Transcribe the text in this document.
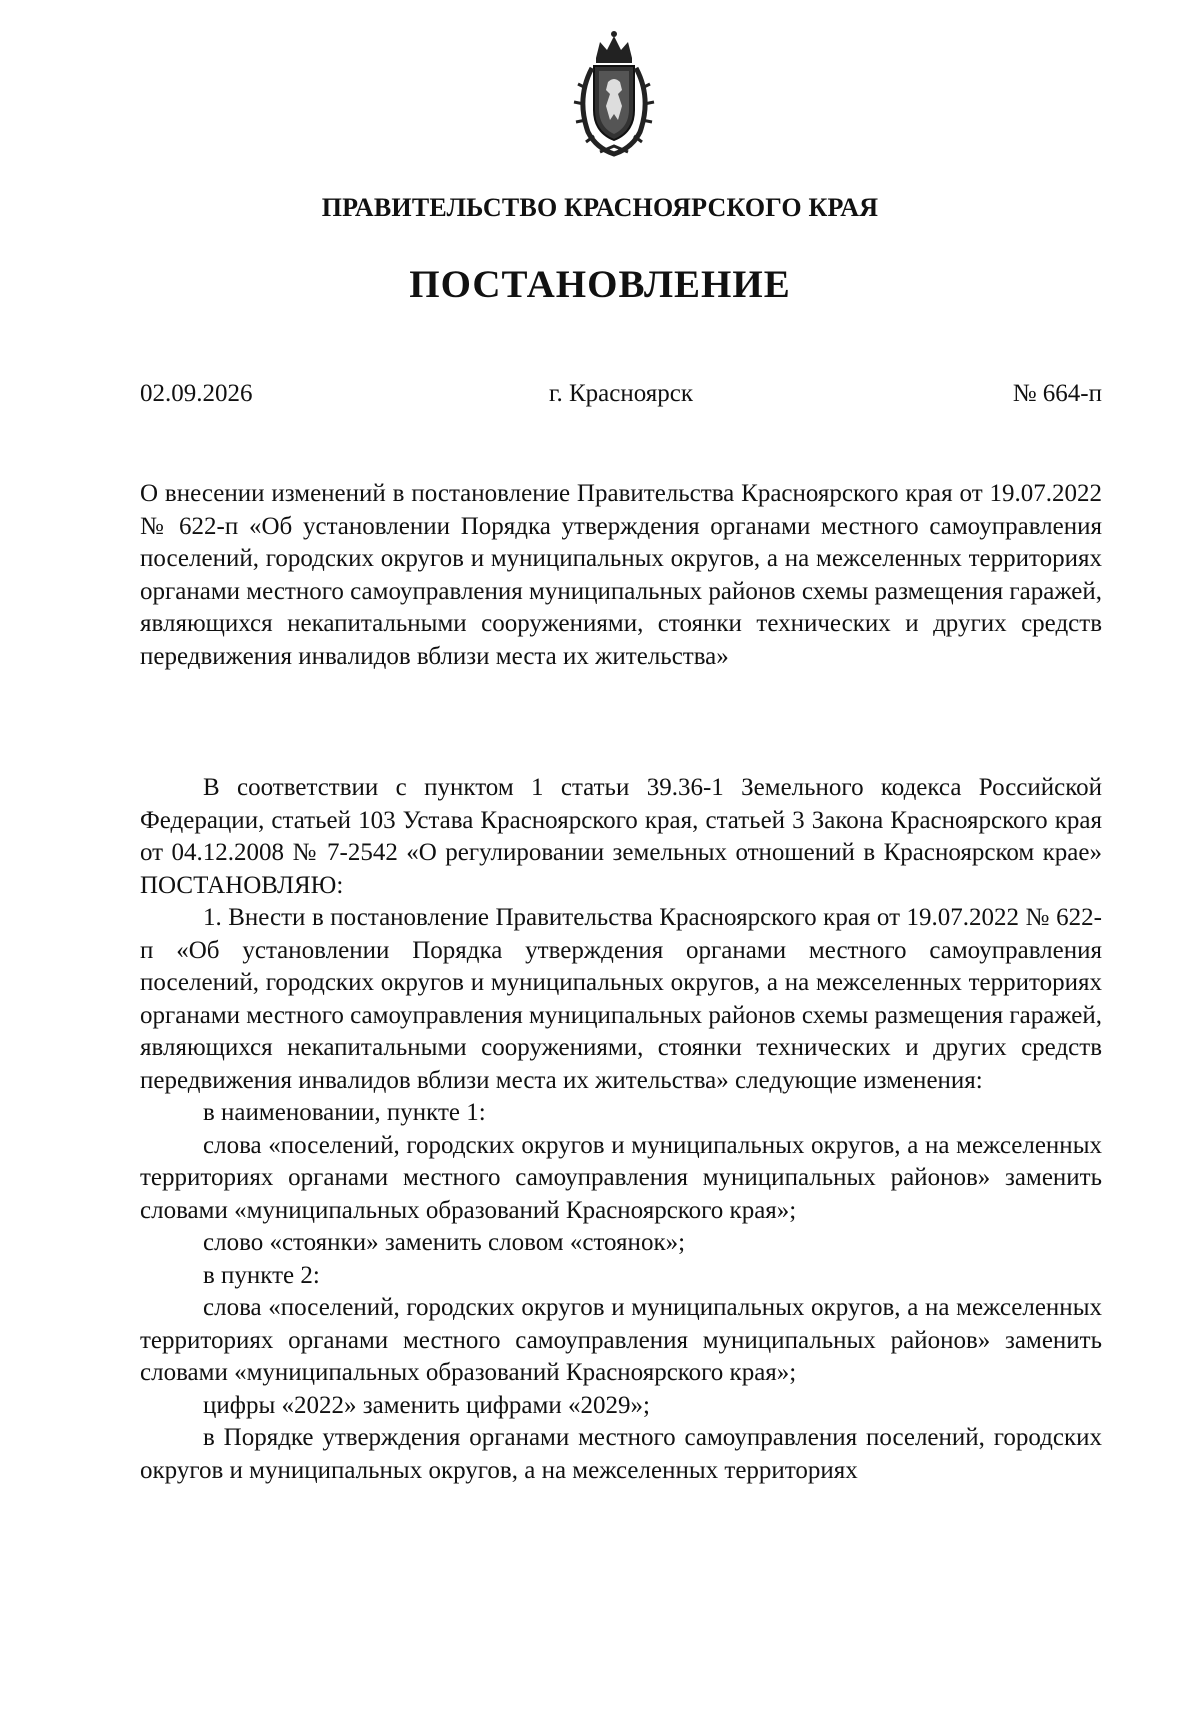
ПРАВИТЕЛЬСТВО КРАСНОЯРСКОГО КРАЯ
ПОСТАНОВЛЕНИЕ
02.09.2026	г. Красноярск	№ 664-п
О внесении изменений в постановление Правительства Красноярского края от 19.07.2022 № 622-п «Об установлении Порядка утверждения органами местного самоуправления поселений, городских округов и муниципальных округов, а на межселенных территориях органами местного самоуправления муниципальных районов схемы размещения гаражей, являющихся некапитальными сооружениями, стоянки технических и других средств передвижения инвалидов вблизи места их жительства»

В соответствии с пунктом 1 статьи 39.36-1 Земельного кодекса Российской Федерации, статьей 103 Устава Красноярского края, статьей 3 Закона Красноярского края от 04.12.2008 № 7-2542 «О регулировании земельных отношений в Красноярском крае» ПОСТАНОВЛЯЮ:

1. Внести в постановление Правительства Красноярского края от 19.07.2022 № 622-п «Об установлении Порядка утверждения органами местного самоуправления поселений, городских округов и муниципальных округов, а на межселенных территориях органами местного самоуправления муниципальных районов схемы размещения гаражей, являющихся некапитальными сооружениями, стоянки технических и других средств передвижения инвалидов вблизи места их жительства» следующие изменения:

в наименовании, пункте 1:

слова «поселений, городских округов и муниципальных округов, а на межселенных территориях органами местного самоуправления муниципальных районов» заменить словами «муниципальных образований Красноярского края»;

слово «стоянки» заменить словом «стоянок»;

в пункте 2:

слова «поселений, городских округов и муниципальных округов, а на межселенных территориях органами местного самоуправления муниципальных районов» заменить словами «муниципальных образований Красноярского края»;

цифры «2022» заменить цифрами «2029»;

в Порядке утверждения органами местного самоуправления поселений, городских округов и муниципальных округов, а на межселенных территориях
